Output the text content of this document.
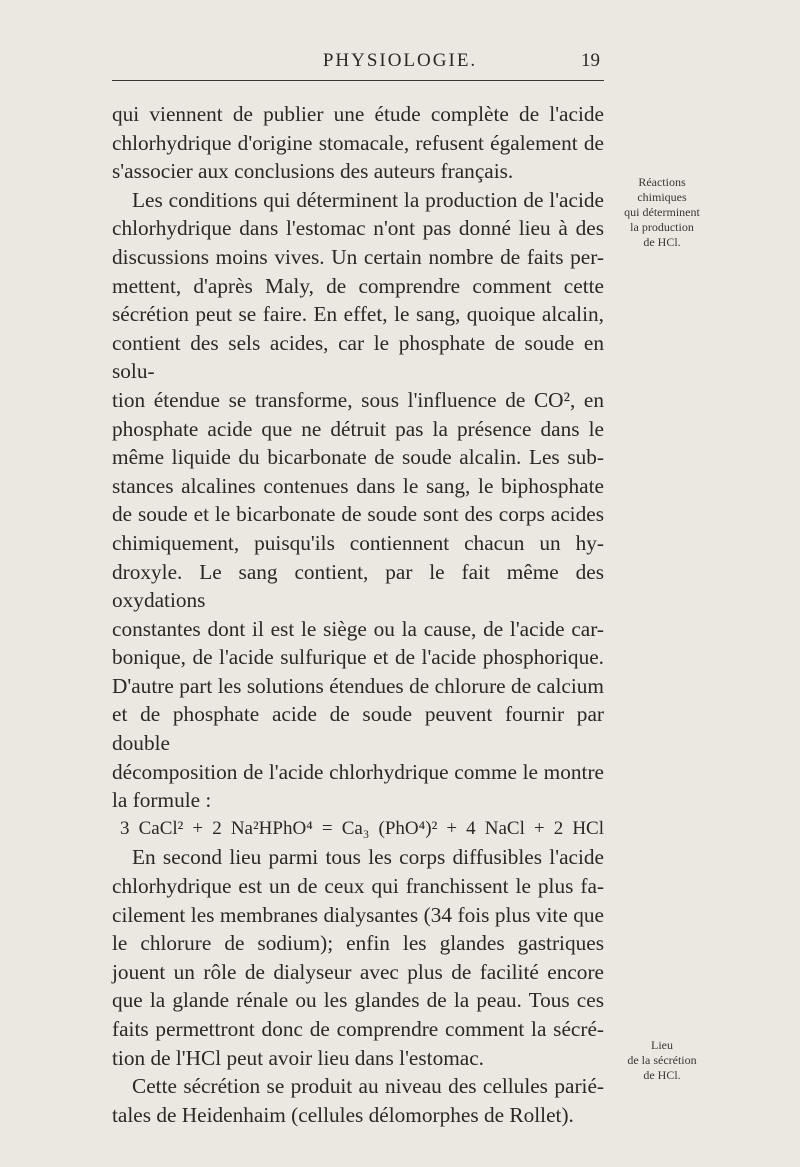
PHYSIOLOGIE.	19

qui viennent de publier une étude complète de l'acide

chlorhydrique d'origine stomacale, refusent également de

s'associer aux conclusions des auteurs français.

Les conditions qui déterminent la production de l'acide

chlorhydrique dans l'estomac n'ont pas donné lieu à des

discussions moins vives. Un certain nombre de faits per-

mettent, d'après Maly, de comprendre comment cette

sécrétion peut se faire. En effet, le sang, quoique alcalin,

contient des sels acides, car le phosphate de soude en solu-

tion étendue se transforme, sous l'influence de CO², en

phosphate acide que ne détruit pas la présence dans le

même liquide du bicarbonate de soude alcalin. Les sub-

stances alcalines contenues dans le sang, le biphosphate

de soude et le bicarbonate de soude sont des corps acides

chimiquement, puisqu'ils contiennent chacun un hy-

droxyle. Le sang contient, par le fait même des oxydations

constantes dont il est le siège ou la cause, de l'acide car-

bonique, de l'acide sulfurique et de l'acide phosphorique.

D'autre part les solutions étendues de chlorure de calcium

et de phosphate acide de soude peuvent fournir par double

décomposition de l'acide chlorhydrique comme le montre

la formule :

3 CaCl² + 2 Na²HPhO⁴ = Ca₃ (PhO⁴)² + 4 NaCl + 2 HCl

En second lieu parmi tous les corps diffusibles l'acide

chlorhydrique est un de ceux qui franchissent le plus fa-

cilement les membranes dialysantes (34 fois plus vite que

le chlorure de sodium); enfin les glandes gastriques

jouent un rôle de dialyseur avec plus de facilité encore

que la glande rénale ou les glandes de la peau. Tous ces

faits permettront donc de comprendre comment la sécré-

tion de l'HCl peut avoir lieu dans l'estomac.

Cette sécrétion se produit au niveau des cellules parié-

tales de Heidenhaim (cellules délomorphes de Rollet).

Réactions
chimiques
qui déterminent
la production
de HCl.
Lieu
de la sécrétion
de HCl.
